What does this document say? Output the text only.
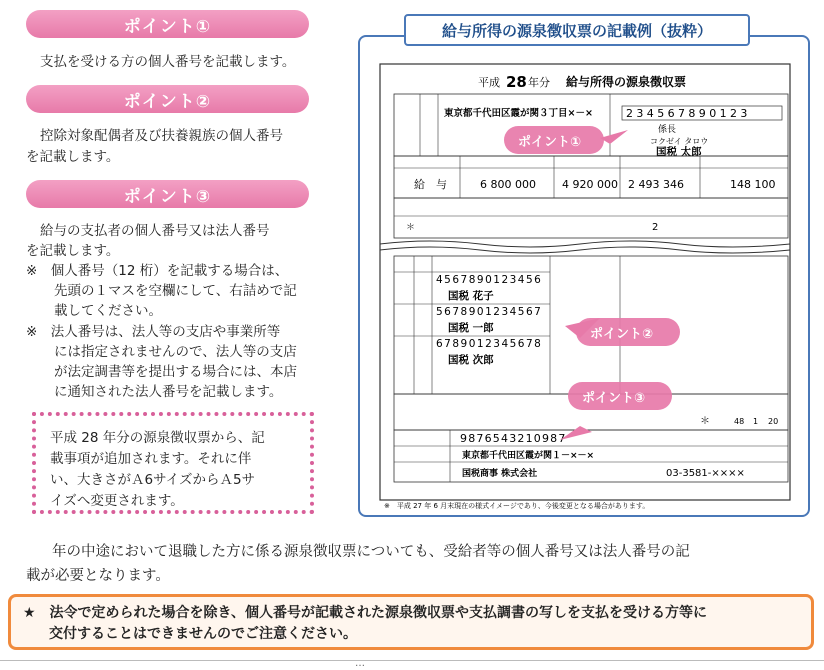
ポイント①
支払を受ける方の個人番号を記載します。
ポイント②
控除対象配偶者及び扶養親族の個人番号
を記載します。
ポイント③
給与の支払者の個人番号又は法人番号
を記載します。
※　個人番号（12 桁）を記載する場合は、
先頭の１マスを空欄にして、右詰めで記
載してください。
※　法人番号は、法人等の支店や事業所等
には指定されませんので、法人等の支店
が法定調書等を提出する場合には、本店
に通知された法人番号を記載します。
平成 28 年分の源泉徴収票から、記
載事項が追加されます。それに伴
い、大きさがＡ6サイズからＡ5サ
イズへ変更されます。
給与所得の源泉徴収票の記載例（抜粋）
平成 28 年分 給与所得の源泉徴収票
東京都千代田区霞が関３丁目×－×	234567890123
係長
コクゼイ タロウ
国税 太郎
給　与	6 800 000 4 920 000 2 493 346	148 100
＊	2
4567890123456
国税 花子
5678901234567
国税 一郎
6789012345678
国税 次郎
＊	48 1 20
9876543210987
東京都千代田区霞が関１－×－×
国税商事 株式会社	03-3581-××××
※　平成 27 年 6 月末現在の様式イメージであり、今後変更となる場合があります。
ポイント①
ポイント②
ポイント③
年の中途において退職した方に係る源泉徴収票についても、受給者等の個人番号又は法人番号の記
載が必要となります。
★　法令で定められた場合を除き、個人番号が記載された源泉徴収票や支払調書の写しを支払を受ける方等に
交付することはできませんのでご注意ください。
…
